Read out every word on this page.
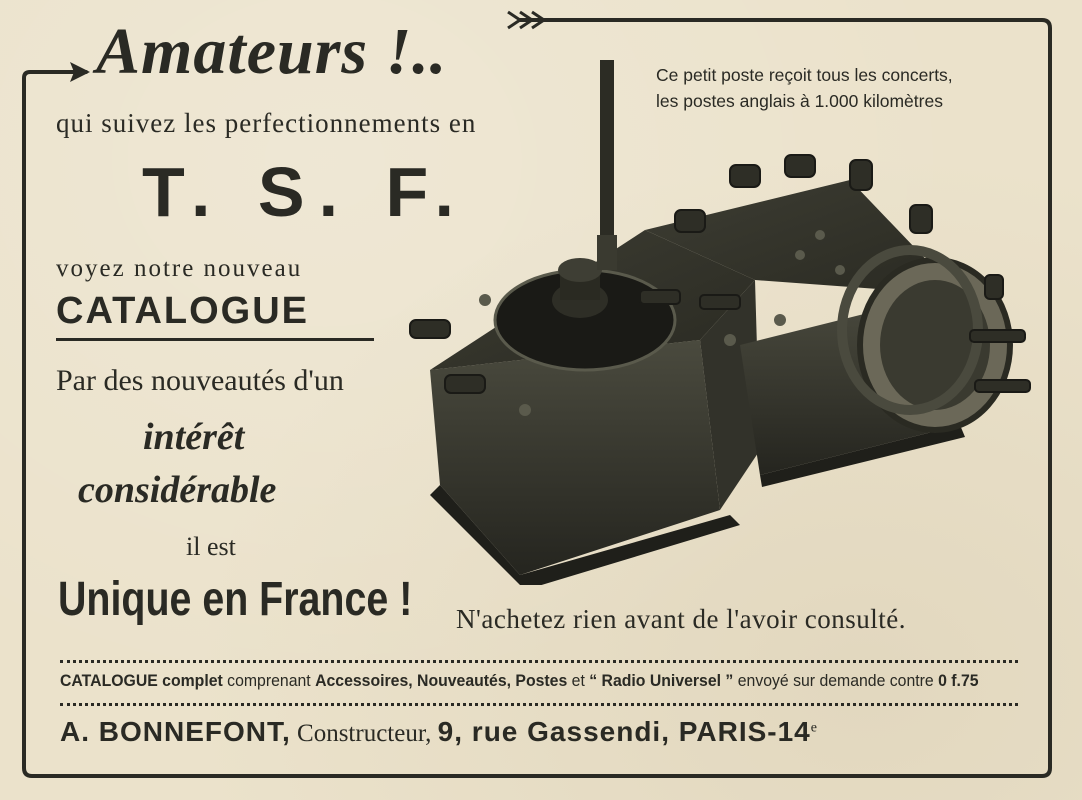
Amateurs !..
qui suivez les perfectionnements en
T. S. F.
voyez notre nouveau
CATALOGUE
Par des nouveautés d'un
intérêt
considérable
il est
Unique en France ! N'achetez rien avant de l'avoir consulté.
Ce petit poste reçoit tous les concerts,
les postes anglais à 1.000 kilomètres
CATALOGUE complet comprenant Accessoires, Nouveautés, Postes et “ Radio Universel ” envoyé sur demande contre 0 f.75
A. BONNEFONT, Constructeur, 9, rue Gassendi, PARIS-14e
